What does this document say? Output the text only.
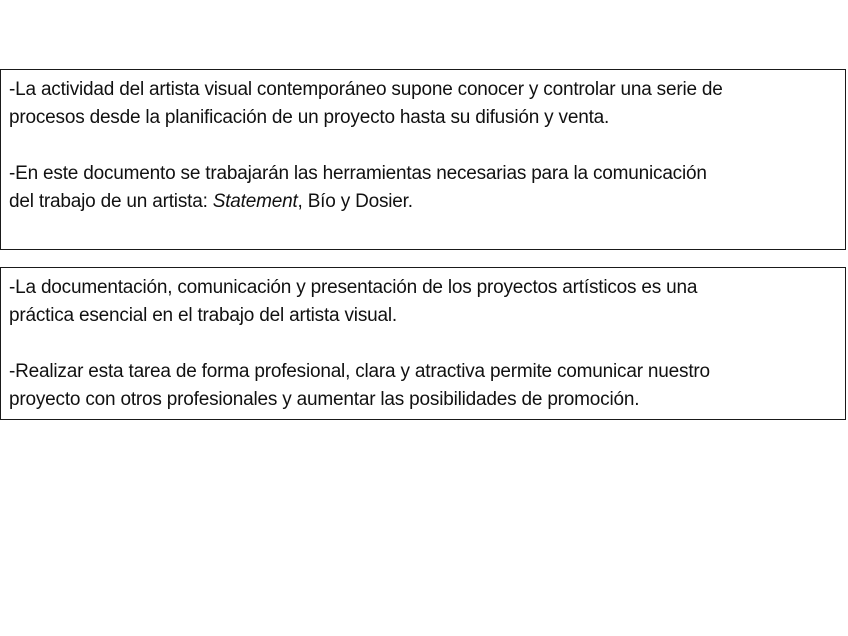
-La actividad del artista visual contemporáneo supone conocer y controlar una serie de

procesos desde la planificación de un proyecto hasta su difusión y venta.

-En este documento se trabajarán las herramientas necesarias para la comunicación

del trabajo de un artista: Statement, Bío y Dosier.

-La documentación, comunicación y presentación de los proyectos artísticos es una

práctica esencial en el trabajo del artista visual.

-Realizar esta tarea de forma profesional, clara y atractiva permite comunicar nuestro

proyecto con otros profesionales y aumentar las posibilidades de promoción.
